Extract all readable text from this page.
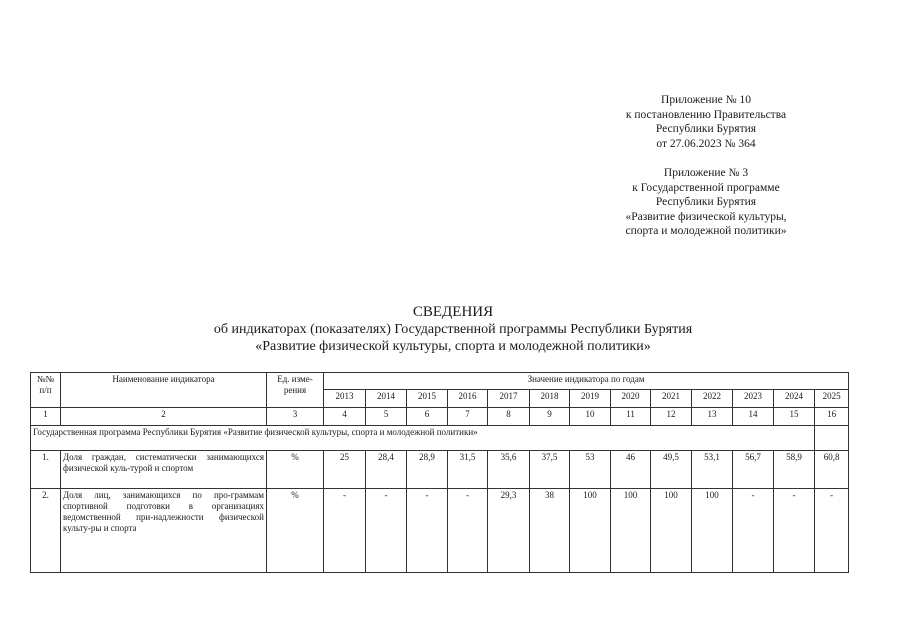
Приложение № 10
к постановлению Правительства
Республики Бурятия
от 27.06.2023 № 364
Приложение № 3
к Государственной программе
Республики Бурятия
«Развитие физической культуры,
спорта и молодежной политики»
СВЕДЕНИЯ
об индикаторах (показателях) Государственной программы Республики Бурятия
«Развитие физической культуры, спорта и молодежной политики»
№№ п/п	Наименование индикатора	Ед. изме-рения	Значение индикатора по годам												
			2013	2014	2015	2016	2017	2018	2019	2020	2021	2022	2023	2024	2025
1	2	3	4	5	6	7	8	9	10	11	12	13	14	15	16
Государственная программа Республики Бурятия «Развитие физической культуры, спорта и молодежной политики»															
1.	Доля граждан, систематически занимающихся физической куль-турой и спортом	%	25	28,4	28,9	31,5	35,6	37,5	53	46	49,5	53,1	56,7	58,9	60,8
2.	Доля лиц, занимающихся по про-граммам спортивной подготовки в организациях ведомственной при-надлежности физической культу-ры и спорта	%	-	-	-	-	29,3	38	100	100	100	100	-	-	-
